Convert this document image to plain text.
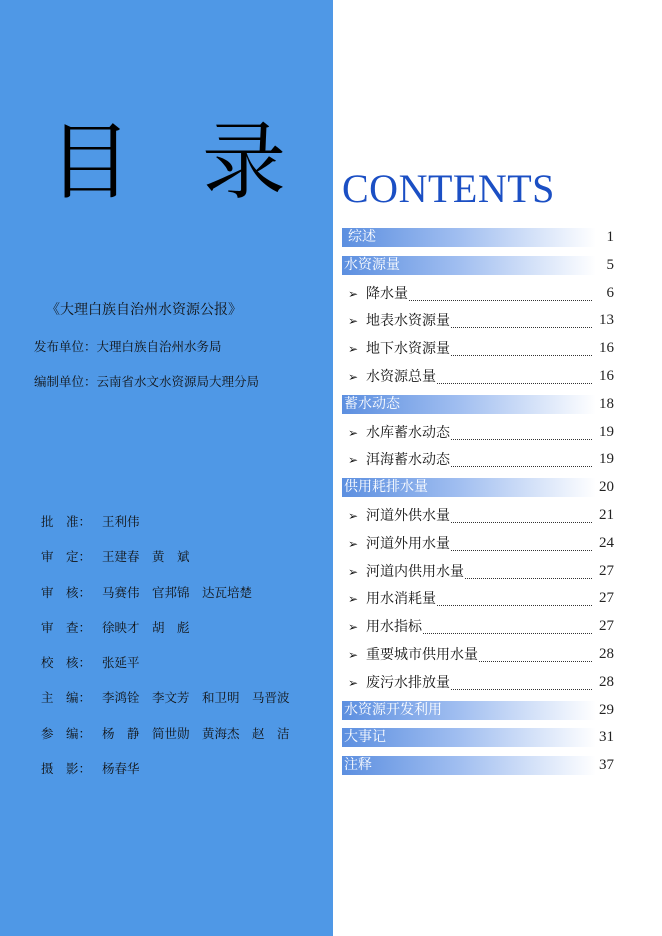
目录
《大理白族自治州水资源公报》
发布单位：大理白族自治州水务局
编制单位：云南省水文水资源局大理分局
批　准： 王利伟
审　定： 王建春　黄　斌
审　核： 马赛伟　官邦锦　达瓦培楚
审　查： 徐映才　胡　彪
校　核： 张延平
主　编： 李鸿铨　李文芳　和卫明　马晋波
参　编： 杨　静　简世勋　黄海杰　赵　洁
摄　影： 杨春华
CONTENTS
综述	1
水资源量	5
➢ 降水量	6
➢ 地表水资源量	13
➢ 地下水资源量	16
➢ 水资源总量	16
蓄水动态	18
➢ 水库蓄水动态	19
➢ 洱海蓄水动态	19
供用耗排水量	20
➢ 河道外供水量	21
➢ 河道外用水量	24
➢ 河道内供用水量	27
➢ 用水消耗量	27
➢ 用水指标	27
➢ 重要城市供用水量	28
➢ 废污水排放量	28
水资源开发利用	29
大事记	31
注释	37
